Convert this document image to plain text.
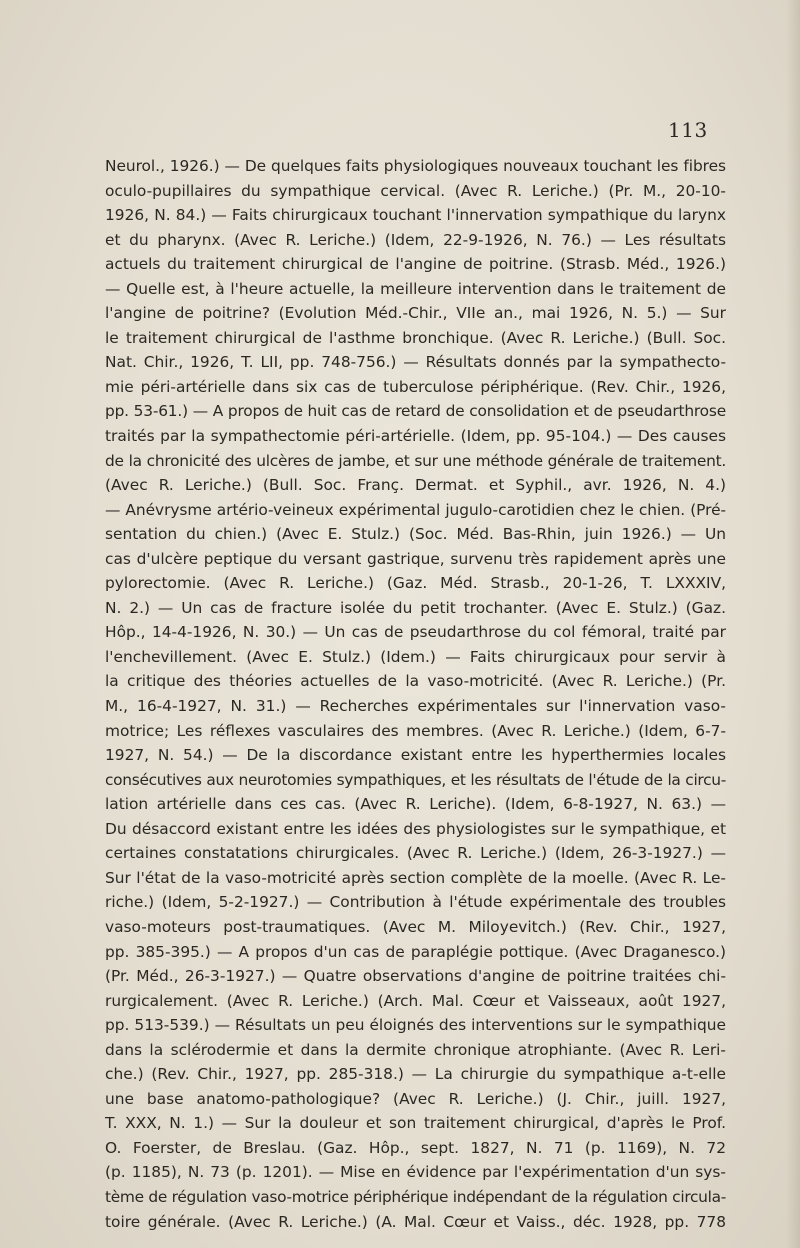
113
Neurol., 1926.) — De quelques faits physiologiques nouveaux touchant les fibres
oculo-pupillaires du sympathique cervical. (Avec R. Leriche.) (Pr. M., 20-10-
1926, N. 84.) — Faits chirurgicaux touchant l'innervation sympathique du larynx
et du pharynx. (Avec R. Leriche.) (Idem, 22-9-1926, N. 76.) — Les résultats
actuels du traitement chirurgical de l'angine de poitrine. (Strasb. Méd., 1926.)
— Quelle est, à l'heure actuelle, la meilleure intervention dans le traitement de
l'angine de poitrine? (Evolution Méd.-Chir., VIIe an., mai 1926, N. 5.) — Sur
le traitement chirurgical de l'asthme bronchique. (Avec R. Leriche.) (Bull. Soc.
Nat. Chir., 1926, T. LII, pp. 748-756.) — Résultats donnés par la sympathecto-
mie péri-artérielle dans six cas de tuberculose périphérique. (Rev. Chir., 1926,
pp. 53-61.) — A propos de huit cas de retard de consolidation et de pseudarthrose
traités par la sympathectomie péri-artérielle. (Idem, pp. 95-104.) — Des causes
de la chronicité des ulcères de jambe, et sur une méthode générale de traitement.
(Avec R. Leriche.) (Bull. Soc. Franç. Dermat. et Syphil., avr. 1926, N. 4.)
— Anévrysme artério-veineux expérimental jugulo-carotidien chez le chien. (Pré-
sentation du chien.) (Avec E. Stulz.) (Soc. Méd. Bas-Rhin, juin 1926.) — Un
cas d'ulcère peptique du versant gastrique, survenu très rapidement après une
pylorectomie. (Avec R. Leriche.) (Gaz. Méd. Strasb., 20-1-26, T. LXXXIV,
N. 2.) — Un cas de fracture isolée du petit trochanter. (Avec E. Stulz.) (Gaz.
Hôp., 14-4-1926, N. 30.) — Un cas de pseudarthrose du col fémoral, traité par
l'enchevillement. (Avec E. Stulz.) (Idem.) — Faits chirurgicaux pour servir à
la critique des théories actuelles de la vaso-motricité. (Avec R. Leriche.) (Pr.
M., 16-4-1927, N. 31.) — Recherches expérimentales sur l'innervation vaso-
motrice; Les réflexes vasculaires des membres. (Avec R. Leriche.) (Idem, 6-7-
1927, N. 54.) — De la discordance existant entre les hyperthermies locales
consécutives aux neurotomies sympathiques, et les résultats de l'étude de la circu-
lation artérielle dans ces cas. (Avec R. Leriche). (Idem, 6-8-1927, N. 63.) —
Du désaccord existant entre les idées des physiologistes sur le sympathique, et
certaines constatations chirurgicales. (Avec R. Leriche.) (Idem, 26-3-1927.) —
Sur l'état de la vaso-motricité après section complète de la moelle. (Avec R. Le-
riche.) (Idem, 5-2-1927.) — Contribution à l'étude expérimentale des troubles
vaso-moteurs post-traumatiques. (Avec M. Miloyevitch.) (Rev. Chir., 1927,
pp. 385-395.) — A propos d'un cas de paraplégie pottique. (Avec Draganesco.)
(Pr. Méd., 26-3-1927.) — Quatre observations d'angine de poitrine traitées chi-
rurgicalement. (Avec R. Leriche.) (Arch. Mal. Cœur et Vaisseaux, août 1927,
pp. 513-539.) — Résultats un peu éloignés des interventions sur le sympathique
dans la sclérodermie et dans la dermite chronique atrophiante. (Avec R. Leri-
che.) (Rev. Chir., 1927, pp. 285-318.) — La chirurgie du sympathique a-t-elle
une base anatomo-pathologique? (Avec R. Leriche.) (J. Chir., juill. 1927,
T. XXX, N. 1.) — Sur la douleur et son traitement chirurgical, d'après le Prof.
O. Foerster, de Breslau. (Gaz. Hôp., sept. 1827, N. 71 (p. 1169), N. 72
(p. 1185), N. 73 (p. 1201). — Mise en évidence par l'expérimentation d'un sys-
tème de régulation vaso-motrice périphérique indépendant de la régulation circula-
toire générale. (Avec R. Leriche.) (A. Mal. Cœur et Vaiss., déc. 1928, pp. 778
